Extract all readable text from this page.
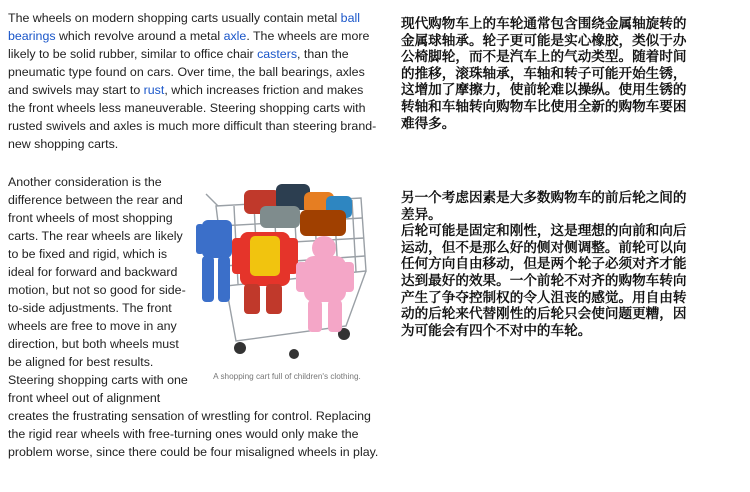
The wheels on modern shopping carts usually contain metal ball bearings which revolve around a metal axle. The wheels are more likely to be solid rubber, similar to office chair casters, than the pneumatic type found on cars. Over time, the ball bearings, axles and swivels may start to rust, which increases friction and makes the front wheels less maneuverable. Steering shopping carts with rusted swivels and axles is much more difficult than steering brand-new shopping carts.
A shopping cart full of children's clothing.
Another consideration is the difference between the rear and front wheels of most shopping carts. The rear wheels are likely to be fixed and rigid, which is ideal for forward and backward motion, but not so good for side-to-side adjustments. The front wheels are free to move in any direction, but both wheels must be aligned for best results. Steering shopping carts with one front wheel out of alignment creates the frustrating sensation of wrestling for control. Replacing the rigid rear wheels with free-turning ones would only make the problem worse, since there could be four misaligned wheels in play.
现代购物车上的车轮通常包含围绕金属轴旋转的金属球轴承。轮子更可能是实心橡胶，类似于办公椅脚轮，而不是汽车上的气动类型。随着时间的推移，滚珠轴承，车轴和转子可能开始生锈，这增加了摩擦力，使前轮难以操纵。使用生锈的转轴和车轴转向购物车比使用全新的购物车要困难得多。
另一个考虑因素是大多数购物车的前后轮之间的差异。
后轮可能是固定和刚性，这是理想的向前和向后运动，但不是那么好的侧对侧调整。前轮可以向任何方向自由移动，但是两个轮子必须对齐才能达到最好的效果。一个前轮不对齐的购物车转向产生了争夺控制权的令人沮丧的感觉。用自由转动的后轮来代替刚性的后轮只会使问题更糟，因为可能会有四个不对中的车轮。
